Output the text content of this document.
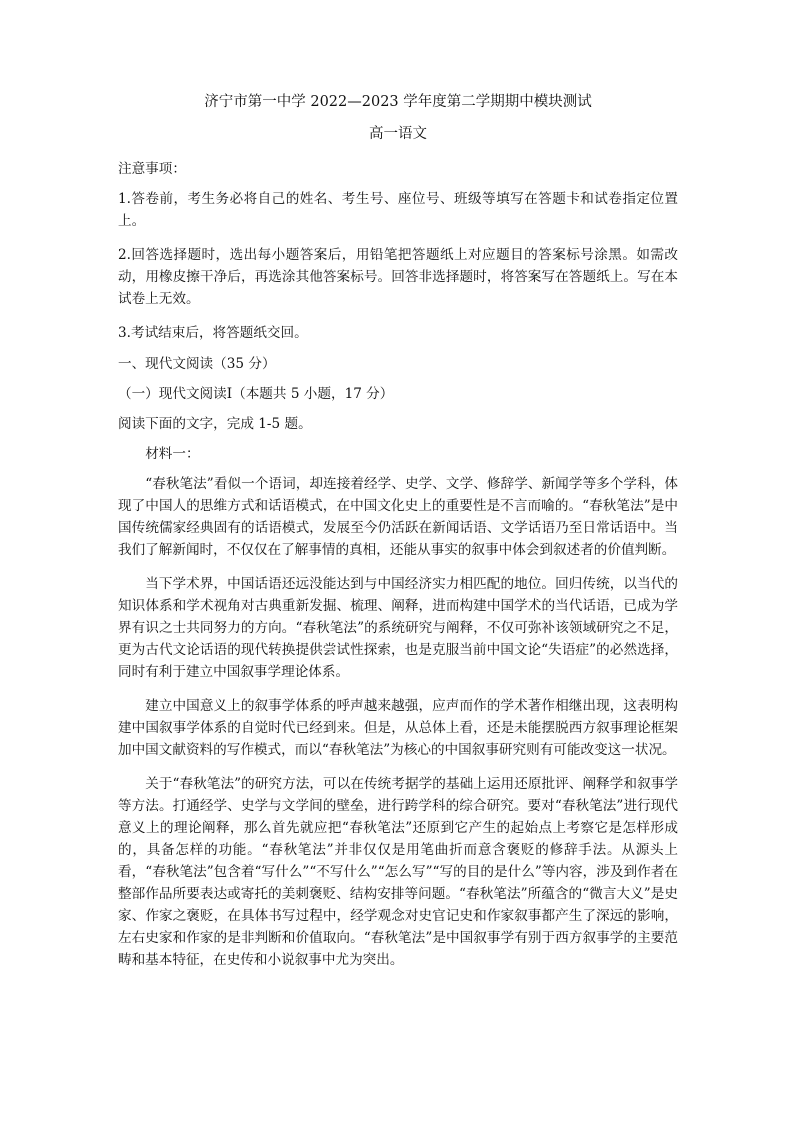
济宁市第一中学 2022—2023 学年度第二学期期中模块测试
高一语文
注意事项：
1.答卷前，考生务必将自己的姓名、考生号、座位号、班级等填写在答题卡和试卷指定位置上。
2.回答选择题时，选出每小题答案后，用铅笔把答题纸上对应题目的答案标号涂黑。如需改动，用橡皮擦干净后，再选涂其他答案标号。回答非选择题时，将答案写在答题纸上。写在本试卷上无效。
3.考试结束后，将答题纸交回。
一、现代文阅读（35 分）
（一）现代文阅读Ⅰ（本题共 5 小题，17 分）
阅读下面的文字，完成 1-5 题。
材料一：
“春秋笔法”看似一个语词，却连接着经学、史学、文学、修辞学、新闻学等多个学科，体现了中国人的思维方式和话语模式，在中国文化史上的重要性是不言而喻的。“春秋笔法”是中国传统儒家经典固有的话语模式，发展至今仍活跃在新闻话语、文学话语乃至日常话语中。当我们了解新闻时，不仅仅在了解事情的真相，还能从事实的叙事中体会到叙述者的价值判断。
当下学术界，中国话语还远没能达到与中国经济实力相匹配的地位。回归传统，以当代的知识体系和学术视角对古典重新发掘、梳理、阐释，进而构建中国学术的当代话语，已成为学界有识之士共同努力的方向。“春秋笔法”的系统研究与阐释，不仅可弥补该领域研究之不足，更为古代文论话语的现代转换提供尝试性探索，也是克服当前中国文论“失语症”的必然选择，同时有利于建立中国叙事学理论体系。
建立中国意义上的叙事学体系的呼声越来越强，应声而作的学术著作相继出现，这表明构建中国叙事学体系的自觉时代已经到来。但是，从总体上看，还是未能摆脱西方叙事理论框架加中国文献资料的写作模式，而以“春秋笔法”为核心的中国叙事研究则有可能改变这一状况。
关于“春秋笔法”的研究方法，可以在传统考据学的基础上运用还原批评、阐释学和叙事学等方法。打通经学、史学与文学间的壁垒，进行跨学科的综合研究。要对“春秋笔法”进行现代意义上的理论阐释，那么首先就应把“春秋笔法”还原到它产生的起始点上考察它是怎样形成的，具备怎样的功能。“春秋笔法”并非仅仅是用笔曲折而意含褒贬的修辞手法。从源头上看，“春秋笔法”包含着“写什么”“不写什么”“怎么写”“写的目的是什么”等内容，涉及到作者在整部作品所要表达或寄托的美刺褒贬、结构安排等问题。“春秋笔法”所蕴含的“微言大义”是史家、作家之褒贬，在具体书写过程中，经学观念对史官记史和作家叙事都产生了深远的影响，左右史家和作家的是非判断和价值取向。“春秋笔法”是中国叙事学有别于西方叙事学的主要范畴和基本特征，在史传和小说叙事中尤为突出。
